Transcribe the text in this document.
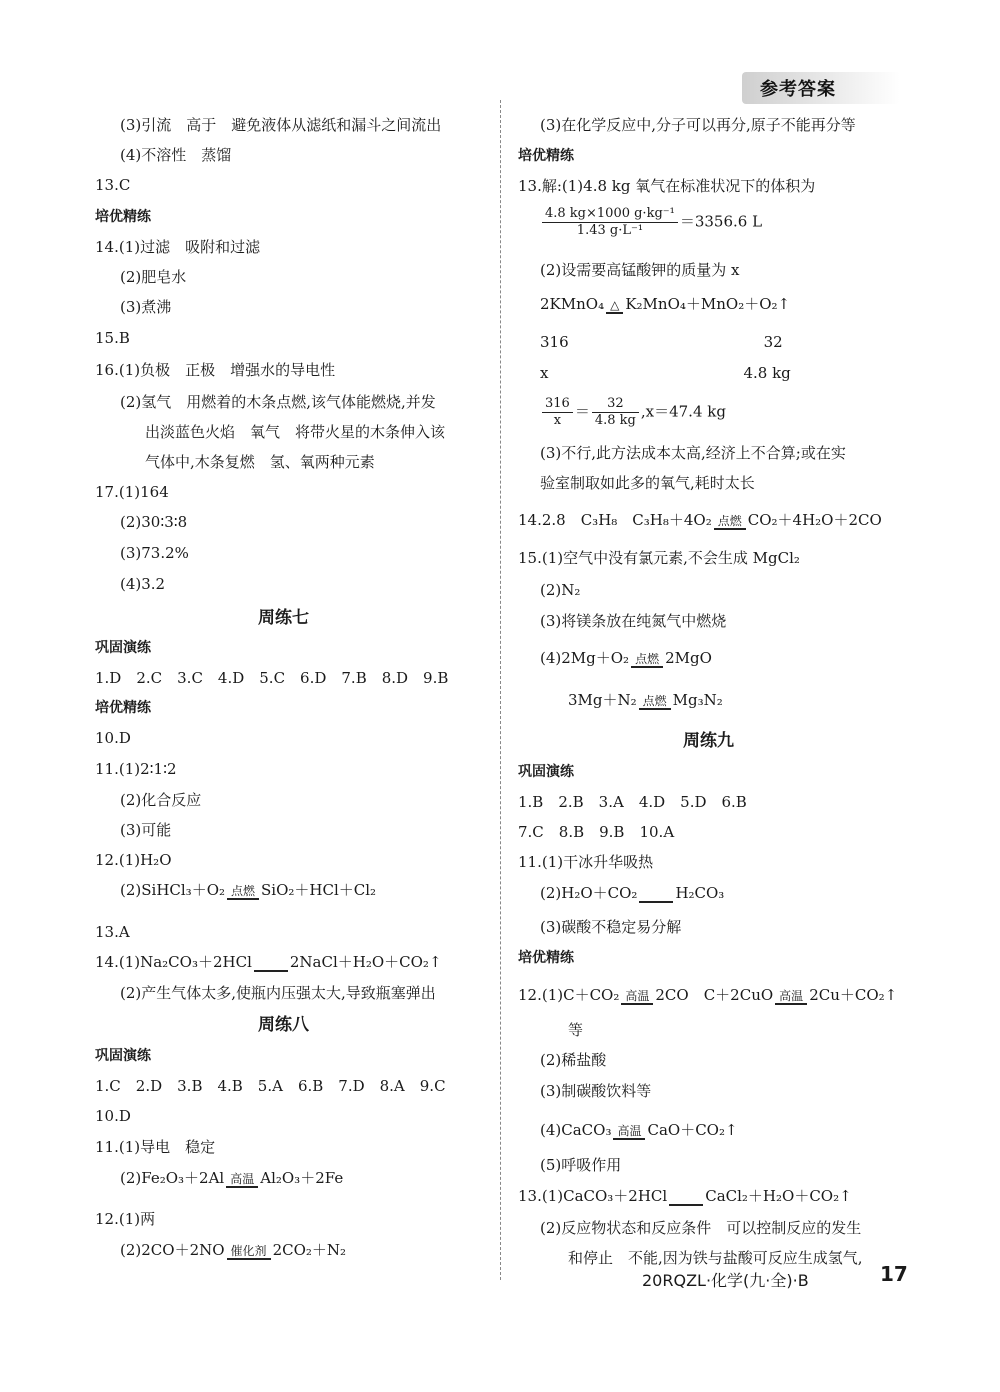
参考答案
(3)引流　高于　避免液体从滤纸和漏斗之间流出
(4)不溶性　蒸馏
13.C
培优精练
14.(1)过滤　吸附和过滤
(2)肥皂水
(3)煮沸
15.B
16.(1)负极　正极　增强水的导电性
(2)氢气　用燃着的木条点燃,该气体能燃烧,并发
出淡蓝色火焰　氧气　将带火星的木条伸入该
气体中,木条复燃　氢、氧两种元素
17.(1)164
(2)30∶3∶8
(3)73.2%
(4)3.2
周练七
巩固演练
1.D　2.C　3.C　4.D　5.C　6.D　7.B　8.D　9.B
培优精练
10.D
11.(1)2∶1∶2
(2)化合反应
(3)可能
12.(1)H₂O
13.A
(2)产生气体太多,使瓶内压强太大,导致瓶塞弹出
周练八
巩固演练
1.C　2.D　3.B　4.B　5.A　6.B　7.D　8.A　9.C
10.D
11.(1)导电　稳定
12.(1)两
(3)在化学反应中,分子可以再分,原子不能再分等
培优精练
13.解:(1)4.8 kg 氧气在标准状况下的体积为
(2)设需要高锰酸钾的质量为 x
316　　　　　　　　　　　　　32
x　　　　　　　　　　　　　4.8 kg
(3)不行,此方法成本太高,经济上不合算;或在实
验室制取如此多的氧气,耗时太长
15.(1)空气中没有氯元素,不会生成 MgCl₂
(2)N₂
(3)将镁条放在纯氮气中燃烧
周练九
巩固演练
1.B　2.B　3.A　4.D　5.D　6.B
7.C　8.B　9.B　10.A
11.(1)干冰升华吸热
(3)碳酸不稳定易分解
培优精练
等
(2)稀盐酸
(3)制碳酸饮料等
(5)呼吸作用
(2)反应物状态和反应条件　可以控制反应的发生
和停止　不能,因为铁与盐酸可反应生成氢气,
(2)SiHCl₃＋O₂ 点燃 SiO₂＋HCl＋Cl₂
14.(1)Na₂CO₃＋2HCl	2NaCl＋H₂O＋CO₂↑
(2)Fe₂O₃＋2Al 高温 Al₂O₃＋2Fe
(2)2CO＋2NO 催化剂 2CO₂＋N₂
$\frac{\text{4.8 kg×1000 g·kg⁻¹}}{\text{1.43 g·L⁻¹}} =3356.6$ L
2KMnO₄ △ K₂MnO₄＋MnO₂＋O₂↑
$\frac{316}{x} = \frac{32}{4.8 kg} ,x=47.4$ kg
14.2.8　C₃H₈　C₃H₈＋4O₂ 点燃 CO₂＋4H₂O＋2CO
(4)2Mg＋O₂ 点燃 2MgO
3Mg＋N₂ 点燃 Mg₃N₂
(2)H₂O＋CO₂	H₂CO₃
12.(1)C＋CO₂ 高温 2CO　C＋2CuO 高温 2Cu＋CO₂↑
(4)CaCO₃ 高温 CaO＋CO₂↑
13.(1)CaCO₃＋2HCl	CaCl₂＋H₂O＋CO₂↑
20RQZL·化学(九·全)·B	17
